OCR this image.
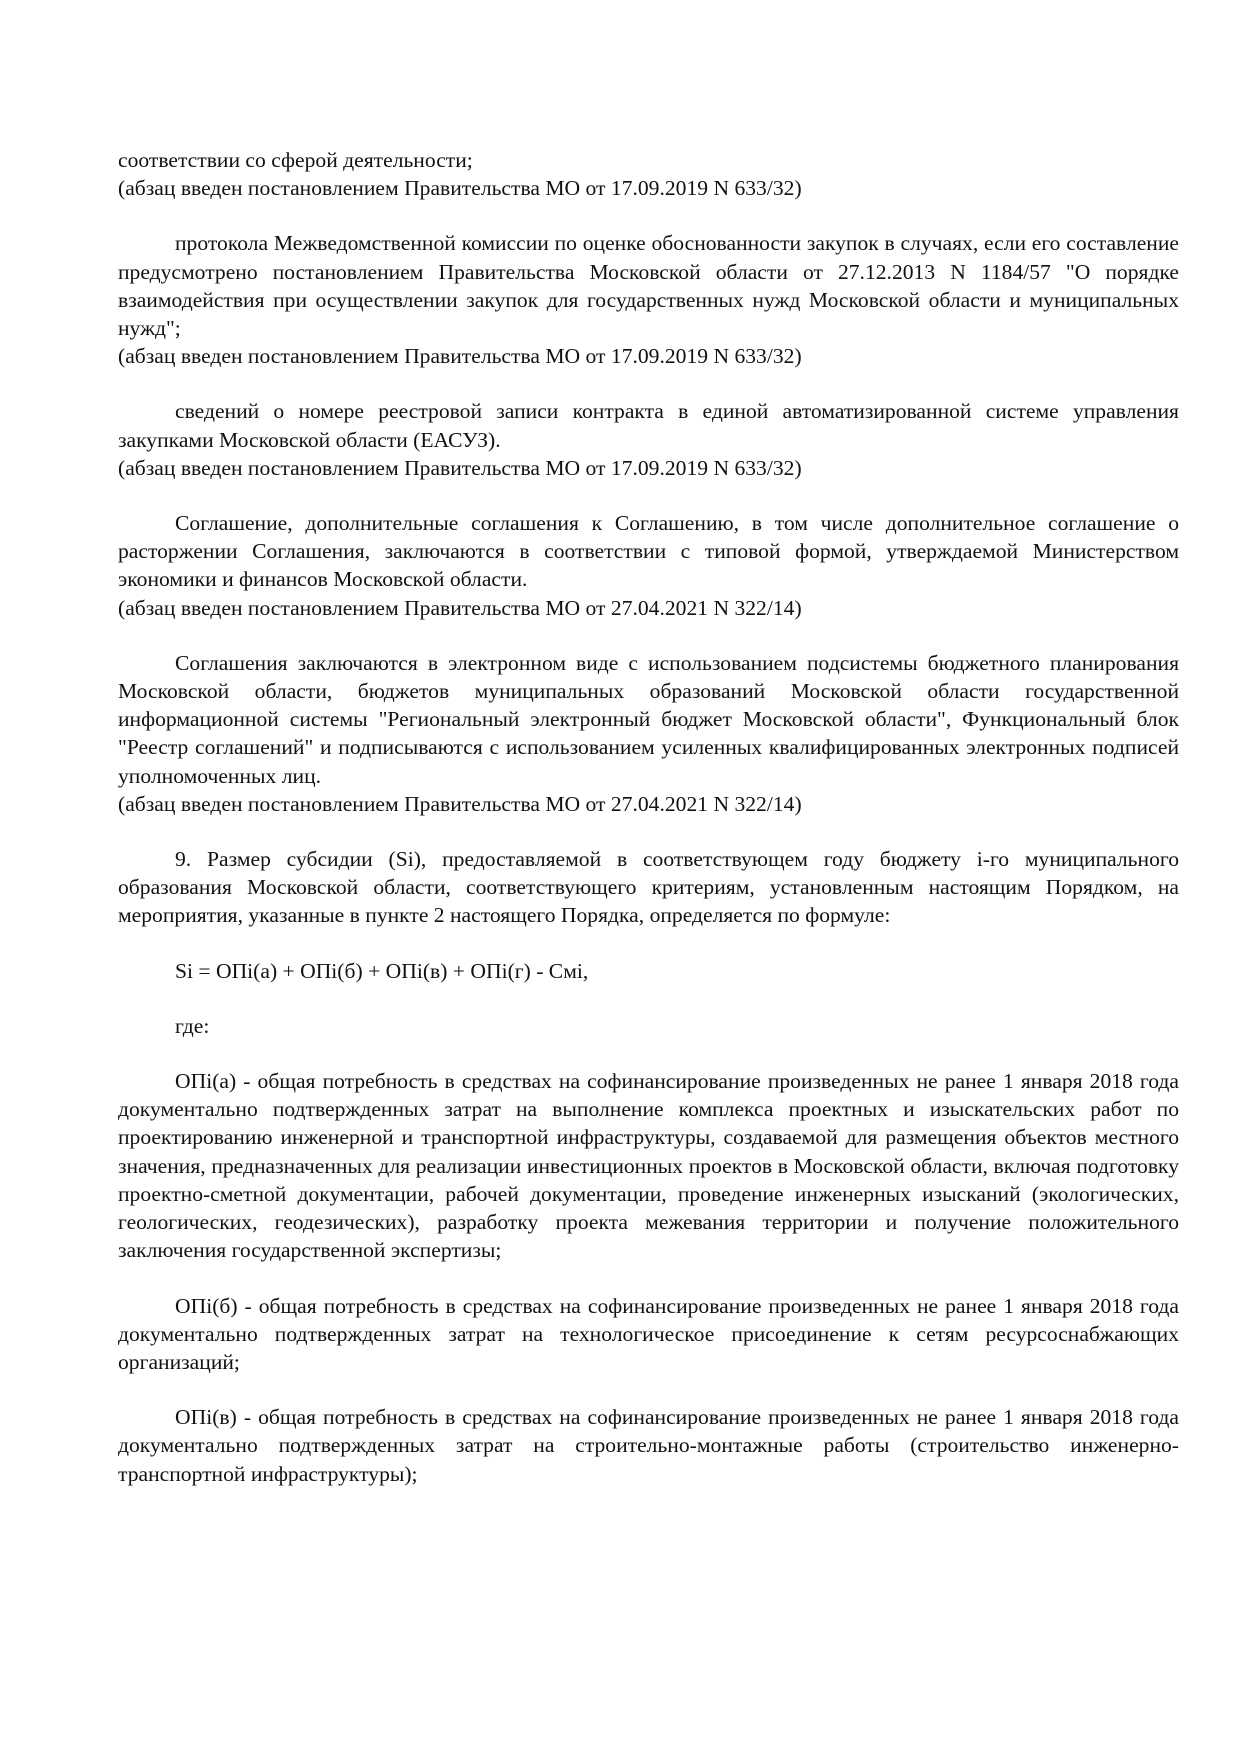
соответствии со сферой деятельности;
(абзац введен постановлением Правительства МО от 17.09.2019 N 633/32)
протокола Межведомственной комиссии по оценке обоснованности закупок в случаях, если его составление предусмотрено постановлением Правительства Московской области от 27.12.2013 N 1184/57 "О порядке взаимодействия при осуществлении закупок для государственных нужд Московской области и муниципальных нужд";
(абзац введен постановлением Правительства МО от 17.09.2019 N 633/32)
сведений о номере реестровой записи контракта в единой автоматизированной системе управления закупками Московской области (ЕАСУЗ).
(абзац введен постановлением Правительства МО от 17.09.2019 N 633/32)
Соглашение, дополнительные соглашения к Соглашению, в том числе дополнительное соглашение о расторжении Соглашения, заключаются в соответствии с типовой формой, утверждаемой Министерством экономики и финансов Московской области.
(абзац введен постановлением Правительства МО от 27.04.2021 N 322/14)
Соглашения заключаются в электронном виде с использованием подсистемы бюджетного планирования Московской области, бюджетов муниципальных образований Московской области государственной информационной системы "Региональный электронный бюджет Московской области", Функциональный блок "Реестр соглашений" и подписываются с использованием усиленных квалифицированных электронных подписей уполномоченных лиц.
(абзац введен постановлением Правительства МО от 27.04.2021 N 322/14)
9. Размер субсидии (Si), предоставляемой в соответствующем году бюджету i-го муниципального образования Московской области, соответствующего критериям, установленным настоящим Порядком, на мероприятия, указанные в пункте 2 настоящего Порядка, определяется по формуле:
Si = ОПi(а) + ОПi(б) + ОПi(в) + ОПi(г) - Смi,
где:
ОПi(а) - общая потребность в средствах на софинансирование произведенных не ранее 1 января 2018 года документально подтвержденных затрат на выполнение комплекса проектных и изыскательских работ по проектированию инженерной и транспортной инфраструктуры, создаваемой для размещения объектов местного значения, предназначенных для реализации инвестиционных проектов в Московской области, включая подготовку проектно-сметной документации, рабочей документации, проведение инженерных изысканий (экологических, геологических, геодезических), разработку проекта межевания территории и получение положительного заключения государственной экспертизы;
ОПi(б) - общая потребность в средствах на софинансирование произведенных не ранее 1 января 2018 года документально подтвержденных затрат на технологическое присоединение к сетям ресурсоснабжающих организаций;
ОПi(в) - общая потребность в средствах на софинансирование произведенных не ранее 1 января 2018 года документально подтвержденных затрат на строительно-монтажные работы (строительство инженерно-транспортной инфраструктуры);
